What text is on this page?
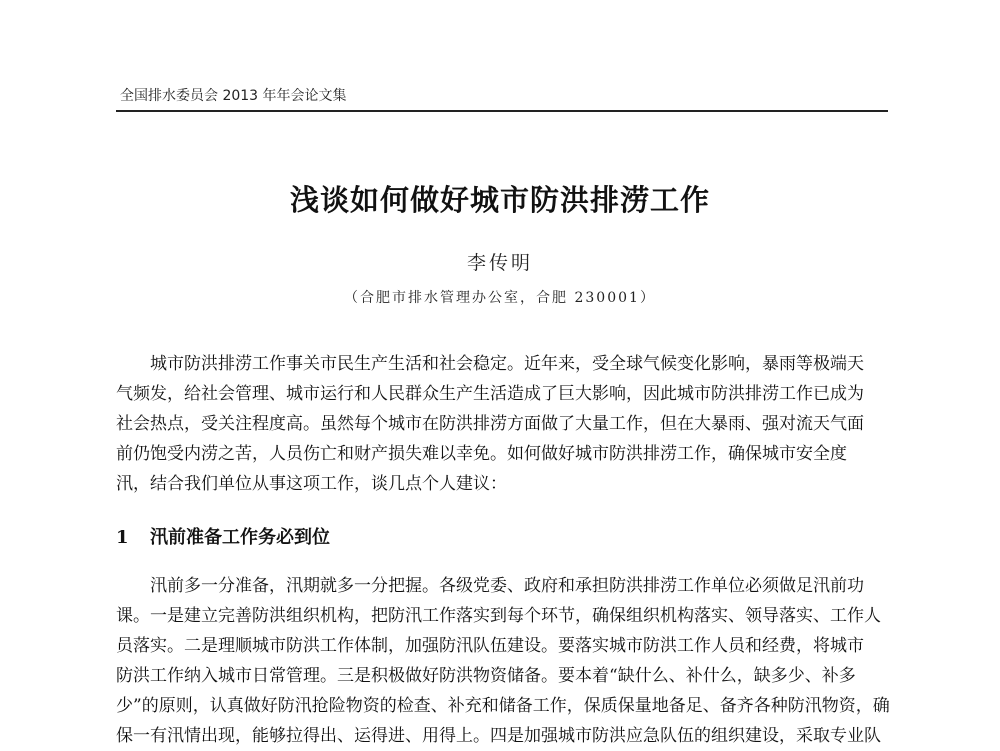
全国排水委员会 2013 年年会论文集
浅谈如何做好城市防洪排涝工作
李传明
（合肥市排水管理办公室，合肥 230001）
　　城市防洪排涝工作事关市民生产生活和社会稳定。近年来，受全球气候变化影响，暴雨等极端天
气频发，给社会管理、城市运行和人民群众生产生活造成了巨大影响，因此城市防洪排涝工作已成为
社会热点，受关注程度高。虽然每个城市在防洪排涝方面做了大量工作，但在大暴雨、强对流天气面
前仍饱受内涝之苦，人员伤亡和财产损失难以幸免。如何做好城市防洪排涝工作，确保城市安全度
汛，结合我们单位从事这项工作，谈几点个人建议：
1 汛前准备工作务必到位
　　汛前多一分准备，汛期就多一分把握。各级党委、政府和承担防洪排涝工作单位必须做足汛前功
课。一是建立完善防洪组织机构，把防汛工作落实到每个环节，确保组织机构落实、领导落实、工作人
员落实。二是理顺城市防洪工作体制，加强防汛队伍建设。要落实城市防洪工作人员和经费，将城市
防洪工作纳入城市日常管理。三是积极做好防洪物资储备。要本着“缺什么、补什么，缺多少、补多
少”的原则，认真做好防汛抢险物资的检查、补充和储备工作，保质保量地备足、备齐各种防汛物资，确
保一有汛情出现，能够拉得出、运得进、用得上。四是加强城市防洪应急队伍的组织建设，采取专业队
